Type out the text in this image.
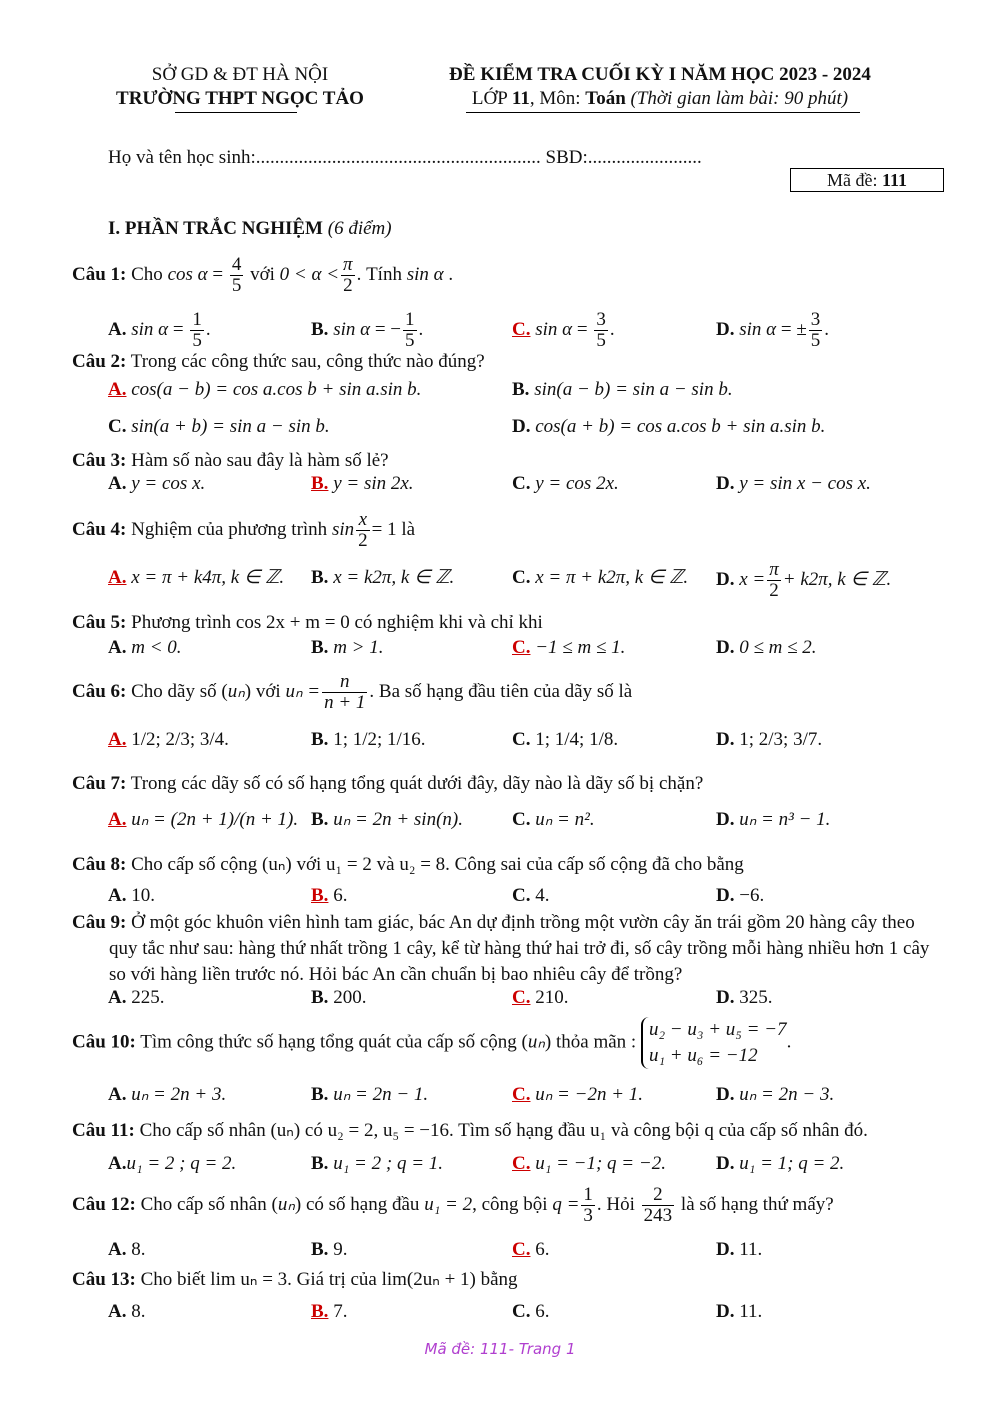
SỞ GD & ĐT HÀ NỘI
TRƯỜNG THPT NGỌC TẢO
ĐỀ KIỂM TRA CUỐI KỲ I NĂM HỌC 2023 - 2024
LỚP 11, Môn: Toán (Thời gian làm bài: 90 phút)
Họ và tên học sinh:............................................................ SBD:........................
Mã đề: 111
I. PHẦN TRẮC NGHIỆM (6 điểm)
Câu 1: Cho $\cos \alpha = \frac{4}{5}$ với $0 < \alpha < \frac{\pi}{2}$ . Tính sin α .
A. $\sin \alpha = \frac{1}{5}$ .	B. sin α = − $\frac{1}{5}$ .	C. $\sin \alpha = \frac{3}{5}$ .	D. sin α = ± $\frac{3}{5}$ .
Câu 2: Trong các công thức sau, công thức nào đúng?
A. cos(a − b) = cos a.cos b + sin a.sin b.	B. sin(a − b) = sin a − sin b.
C. sin(a + b) = sin a − sin b.	D. cos(a + b) = cos a.cos b + sin a.sin b.
Câu 3: Hàm số nào sau đây là hàm số lẻ?
A. y = cos x.	B. y = sin 2x.	C. y = cos 2x.	D. y = sin x − cos x.
Câu 4: Nghiệm của phương trình $\sin \frac{x}{2} = 1$ là
A. x = π + k4π, k ∈ ℤ. B. x = k2π, k ∈ ℤ.	C. x = π + k2π, k ∈ ℤ. D. $x = \frac{\pi}{2} + k2\pi$, k ∈ ℤ.
Câu 5: Phương trình cos 2x + m = 0 có nghiệm khi và chỉ khi
A. m < 0.	B. m > 1.	C. −1 ≤ m ≤ 1.	D. 0 ≤ m ≤ 2.
Câu 6: Cho dãy số (uₙ) với $u_n = \frac{n}{n + 1}$ . Ba số hạng đầu tiên của dãy số là
A. 1/2; 2/3; 3/4.	B. 1; 1/2; 1/16.	C. 1; 1/4; 1/8.	D. 1; 2/3; 3/7.
Câu 7: Trong các dãy số có số hạng tổng quát dưới đây, dãy nào là dãy số bị chặn?
A. uₙ = (2n + 1)/(n + 1). B. uₙ = 2n + sin(n).	C. uₙ = n².	D. uₙ = n³ − 1.
Câu 8: Cho cấp số cộng (uₙ) với u₁ = 2 và u₂ = 8. Công sai của cấp số cộng đã cho bằng
A. 10.	B. 6.	C. 4.	D. −6.
Câu 9: Ở một góc khuôn viên hình tam giác, bác An dự định trồng một vườn cây ăn trái gồm 20 hàng cây theo quy tắc như sau: hàng thứ nhất trồng 1 cây, kể từ hàng thứ hai trở đi, số cây trồng mỗi hàng nhiều hơn 1 cây so với hàng liền trước nó. Hỏi bác An cần chuẩn bị bao nhiêu cây để trồng?
A. 225.	B. 200.	C. 210.	D. 325.
Câu 10: Tìm công thức số hạng tổng quát của cấp số cộng (uₙ) thỏa mãn :
u₂ − u₃ + u₅ = −7
u₁ + u₆ = −12
.
A. uₙ = 2n + 3.	B. uₙ = 2n − 1.	C. uₙ = −2n + 1.	D. uₙ = 2n − 3.
Câu 11: Cho cấp số nhân (uₙ) có u₂ = 2, u₅ = −16. Tìm số hạng đầu u₁ và công bội q của cấp số nhân đó.
A.u₁ = 2 ; q = 2.	B. u₁ = 2 ; q = 1.	C. u₁ = −1; q = −2.	D. u₁ = 1; q = 2.
Câu 12: Cho cấp số nhân (uₙ) có số hạng đầu u₁ = 2, công bội $q = \frac{1}{3}$ . Hỏi $\frac{2}{243}$ là số hạng thứ mấy?
A. 8.	B. 9.	C. 6.	D. 11.
Câu 13: Cho biết lim uₙ = 3. Giá trị của lim(2uₙ + 1) bằng
A. 8.	B. 7.	C. 6.	D. 11.
Mã đề: 111- Trang 1
